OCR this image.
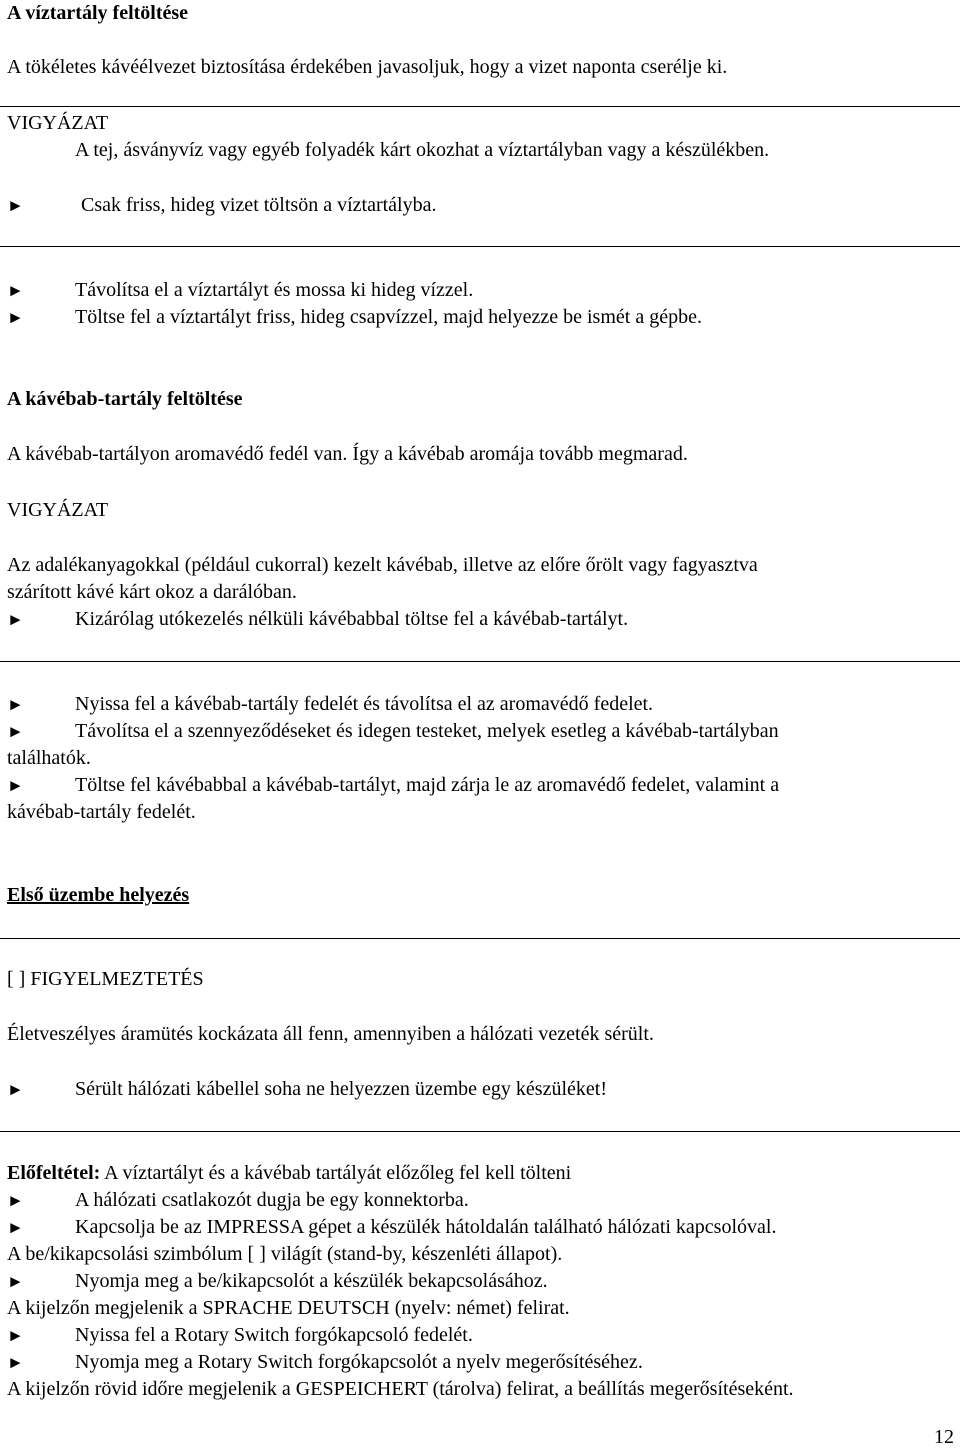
A víztartály feltöltése
A tökéletes kávéélvezet biztosítása érdekében javasoljuk, hogy a vizet naponta cserélje ki.
VIGYÁZAT
A tej, ásványvíz vagy egyéb folyadék kárt okozhat a víztartályban vagy a készülékben.
►	Csak friss, hideg vizet töltsön a víztartályba.
►	Távolítsa el a víztartályt és mossa ki hideg vízzel.
►	Töltse fel a víztartályt friss, hideg csapvízzel, majd helyezze be ismét a gépbe.
A kávébab-tartály feltöltése
A kávébab-tartályon aromavédő fedél van. Így a kávébab aromája tovább megmarad.
VIGYÁZAT
Az adalékanyagokkal (például cukorral) kezelt kávébab, illetve az előre őrölt vagy fagyasztva
szárított kávé kárt okoz a darálóban.
►	Kizárólag utókezelés nélküli kávébabbal töltse fel a kávébab-tartályt.
►	Nyissa fel a kávébab-tartály fedelét és távolítsa el az aromavédő fedelet.
►	Távolítsa el a szennyeződéseket és idegen testeket, melyek esetleg a kávébab-tartályban
találhatók.
►	Töltse fel kávébabbal a kávébab-tartályt, majd zárja le az aromavédő fedelet, valamint a
kávébab-tartály fedelét.
Első üzembe helyezés
[ ] FIGYELMEZTETÉS
Életveszélyes áramütés kockázata áll fenn, amennyiben a hálózati vezeték sérült.
►	Sérült hálózati kábellel soha ne helyezzen üzembe egy készüléket!
Előfeltétel: A víztartályt és a kávébab tartályát előzőleg fel kell tölteni
►	A hálózati csatlakozót dugja be egy konnektorba.
►	Kapcsolja be az IMPRESSA gépet a készülék hátoldalán található hálózati kapcsolóval.
A be/kikapcsolási szimbólum [ ] világít (stand-by, készenléti állapot).
►	Nyomja meg a be/kikapcsolót a készülék bekapcsolásához.
A kijelzőn megjelenik a SPRACHE DEUTSCH (nyelv: német) felirat.
►	Nyissa fel a Rotary Switch forgókapcsoló fedelét.
►	Nyomja meg a Rotary Switch forgókapcsolót a nyelv megerősítéséhez.
A kijelzőn rövid időre megjelenik a GESPEICHERT (tárolva) felirat, a beállítás megerősítéseként.
12
